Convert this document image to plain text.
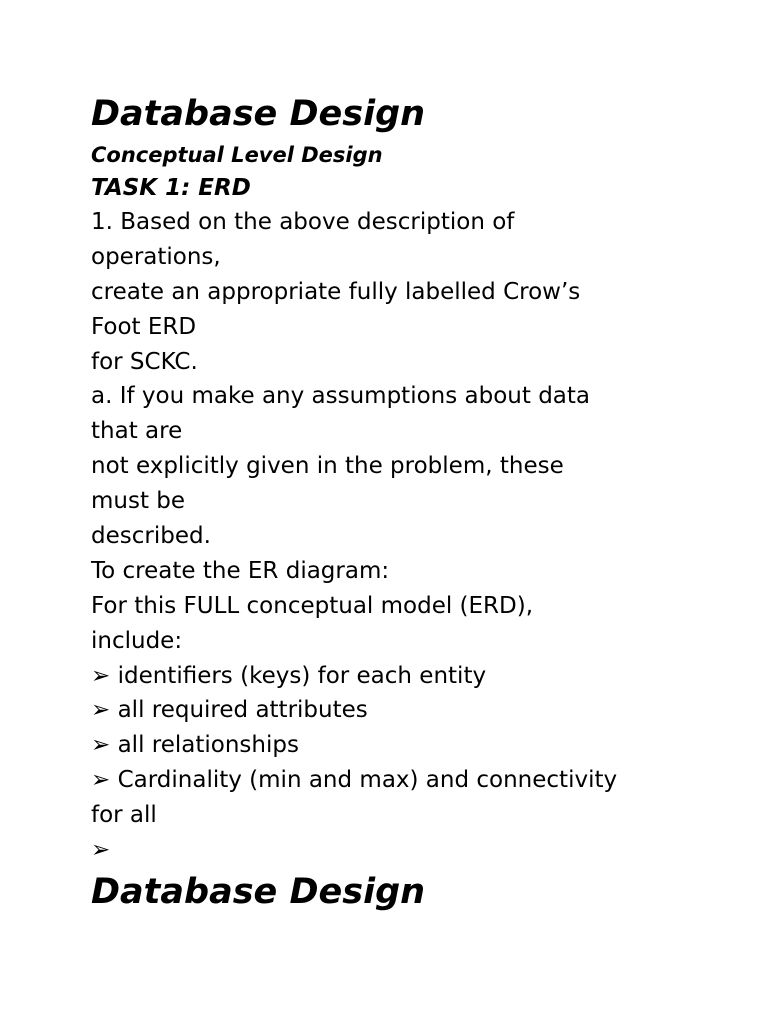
Database Design
Conceptual Level Design
TASK 1: ERD
1. Based on the above description of
operations,
create an appropriate fully labelled Crow’s
Foot ERD
for SCKC.
a. If you make any assumptions about data
that are
not explicitly given in the problem, these
must be
described.
To create the ER diagram:
For this FULL conceptual model (ERD),
include:
➢ identifiers (keys) for each entity
➢ all required attributes
➢ all relationships
➢ Cardinality (min and max) and connectivity
for all
➢
Database Design
